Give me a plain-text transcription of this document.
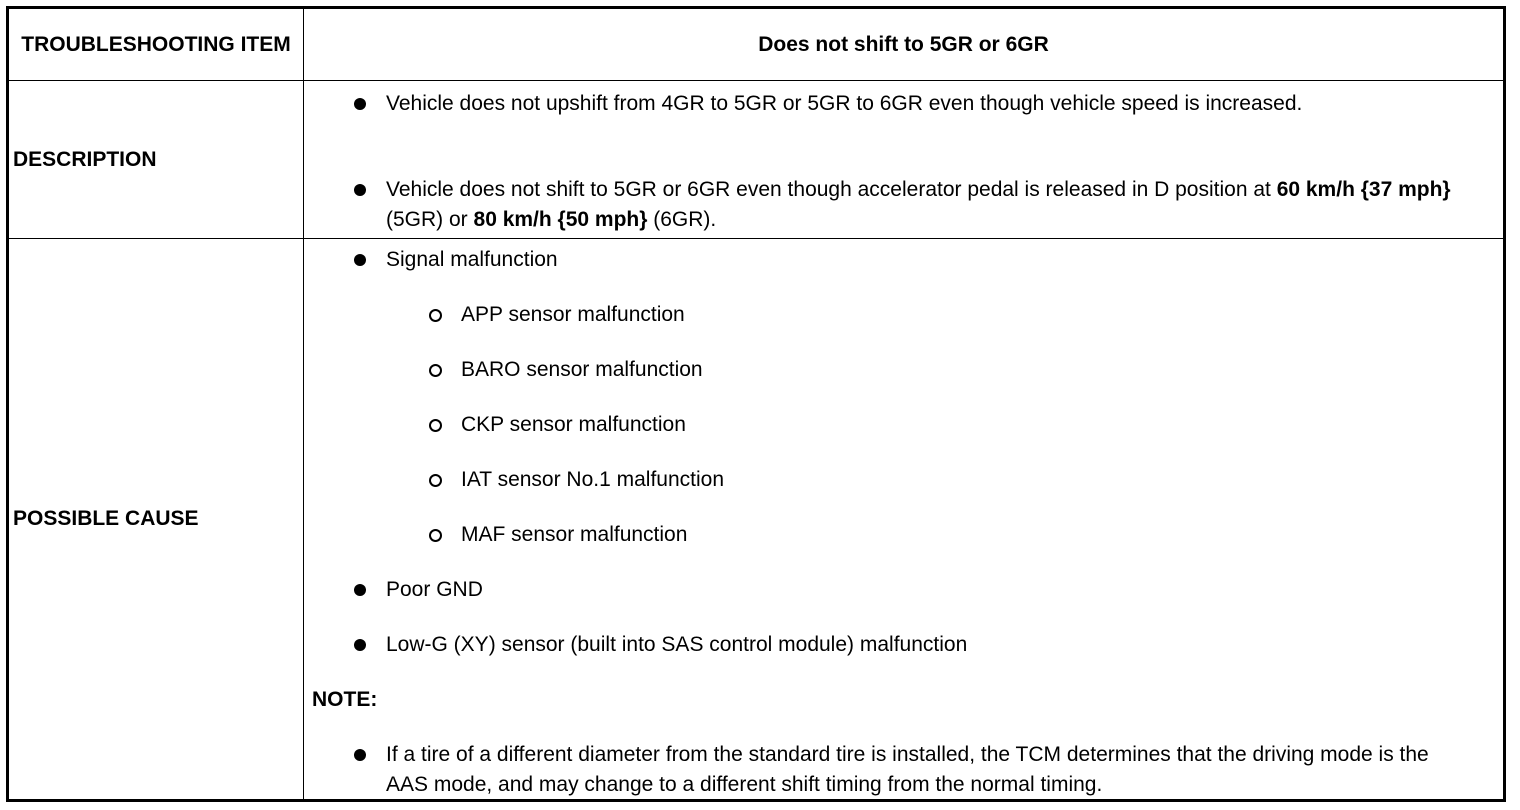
TROUBLESHOOTING ITEM	Does not shift to 5GR or 6GR
DESCRIPTION
Vehicle does not upshift from 4GR to 5GR or 5GR to 6GR even though vehicle speed is increased.
Vehicle does not shift to 5GR or 6GR even though accelerator pedal is released in D position at 60 km/h {37 mph} (5GR) or 80 km/h {50 mph} (6GR).
POSSIBLE CAUSE
Signal malfunction
APP sensor malfunction
BARO sensor malfunction
CKP sensor malfunction
IAT sensor No.1 malfunction
MAF sensor malfunction
Poor GND
Low-G (XY) sensor (built into SAS control module) malfunction
NOTE:
If a tire of a different diameter from the standard tire is installed, the TCM determines that the driving mode is the AAS mode, and may change to a different shift timing from the normal timing.
